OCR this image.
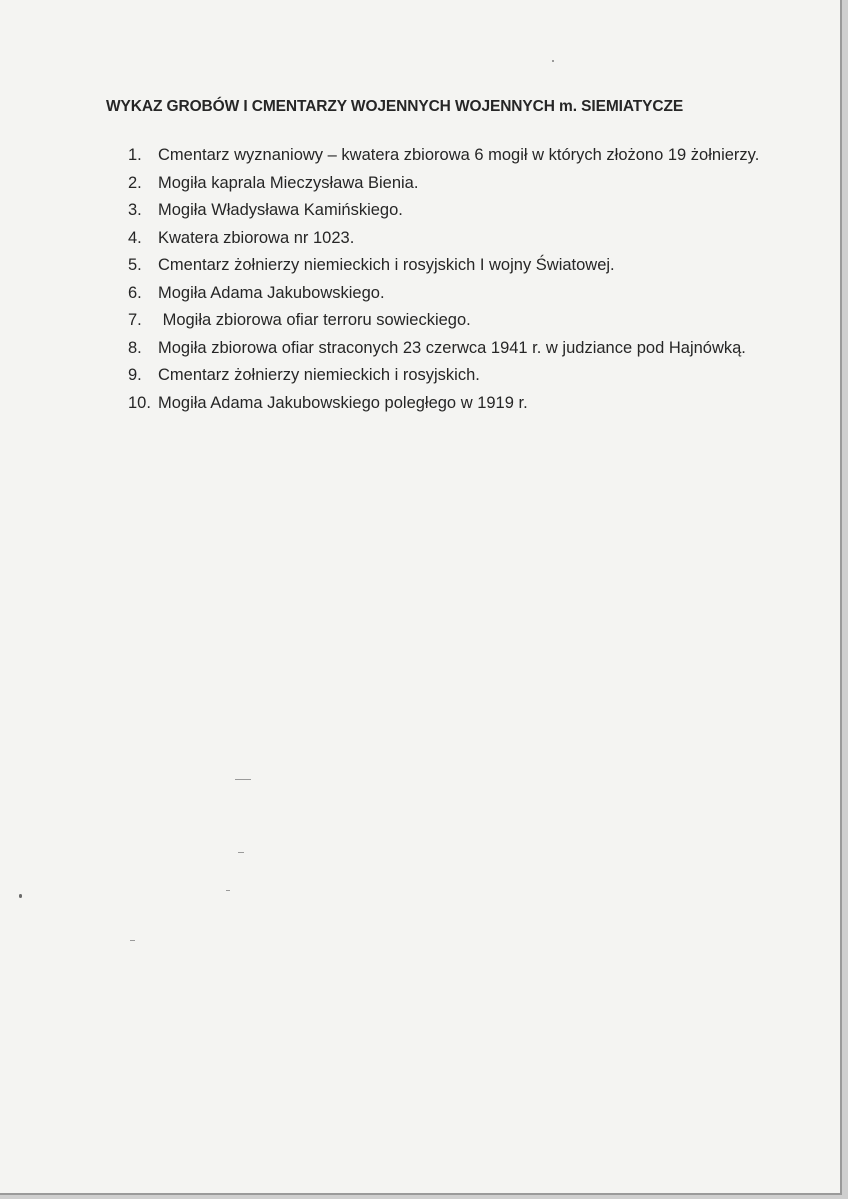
WYKAZ GROBÓW I CMENTARZY WOJENNYCH WOJENNYCH m. SIEMIATYCZE
1. Cmentarz wyznaniowy – kwatera zbiorowa 6 mogił w których złożono 19 żołnierzy.
2. Mogiła kaprala Mieczysława Bienia.
3. Mogiła Władysława Kamińskiego.
4. Kwatera zbiorowa nr 1023.
5. Cmentarz żołnierzy niemieckich i rosyjskich I wojny Światowej.
6. Mogiła Adama Jakubowskiego.
7. Mogiła zbiorowa ofiar terroru sowieckiego.
8. Mogiła zbiorowa ofiar straconych 23 czerwca 1941 r. w judziance pod Hajnówką.
9. Cmentarz żołnierzy niemieckich i rosyjskich.
10. Mogiła Adama Jakubowskiego poległego w 1919 r.
